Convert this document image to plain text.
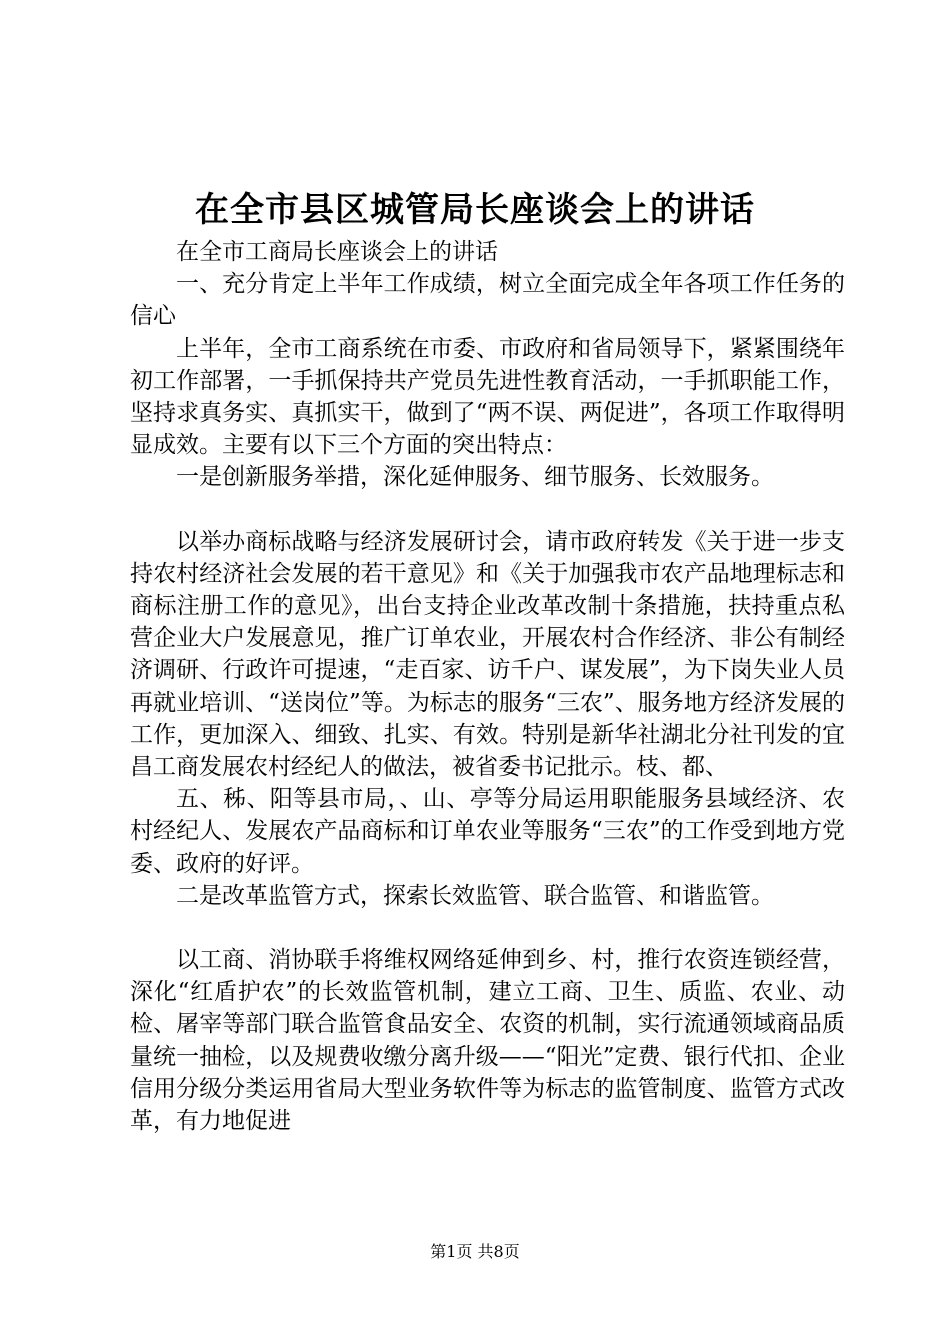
在全市县区城管局长座谈会上的讲话

在全市工商局长座谈会上的讲话

一、充分肯定上半年工作成绩，树立全面完成全年各项工作任务的信心

上半年，全市工商系统在市委、市政府和省局领导下，紧紧围绕年初工作部署，一手抓保持共产党员先进性教育活动，一手抓职能工作，坚持求真务实、真抓实干，做到了“两不误、两促进”，各项工作取得明显成效。主要有以下三个方面的突出特点：

一是创新服务举措，深化延伸服务、细节服务、长效服务。

以举办商标战略与经济发展研讨会，请市政府转发《关于进一步支持农村经济社会发展的若干意见》和《关于加强我市农产品地理标志和商标注册工作的意见》，出台支持企业改革改制十条措施，扶持重点私营企业大户发展意见，推广订单农业，开展农村合作经济、非公有制经济调研、行政许可提速，“走百家、访千户、谋发展”，为下岗失业人员再就业培训、“送岗位”等。为标志的服务“三农”、服务地方经济发展的工作，更加深入、细致、扎实、有效。特别是新华社湖北分社刊发的宜昌工商发展农村经纪人的做法，被省委书记批示。枝、都、

五、秭、阳等县市局，、山、亭等分局运用职能服务县域经济、农村经纪人、发展农产品商标和订单农业等服务“三农”的工作受到地方党委、政府的好评。

二是改革监管方式，探索长效监管、联合监管、和谐监管。

以工商、消协联手将维权网络延伸到乡、村，推行农资连锁经营，深化“红盾护农”的长效监管机制，建立工商、卫生、质监、农业、动检、屠宰等部门联合监管食品安全、农资的机制，实行流通领域商品质量统一抽检，以及规费收缴分离升级——“阳光”定费、银行代扣、企业信用分级分类运用省局大型业务软件等为标志的监管制度、监管方式改革，有力地促进

第1页 共8页
